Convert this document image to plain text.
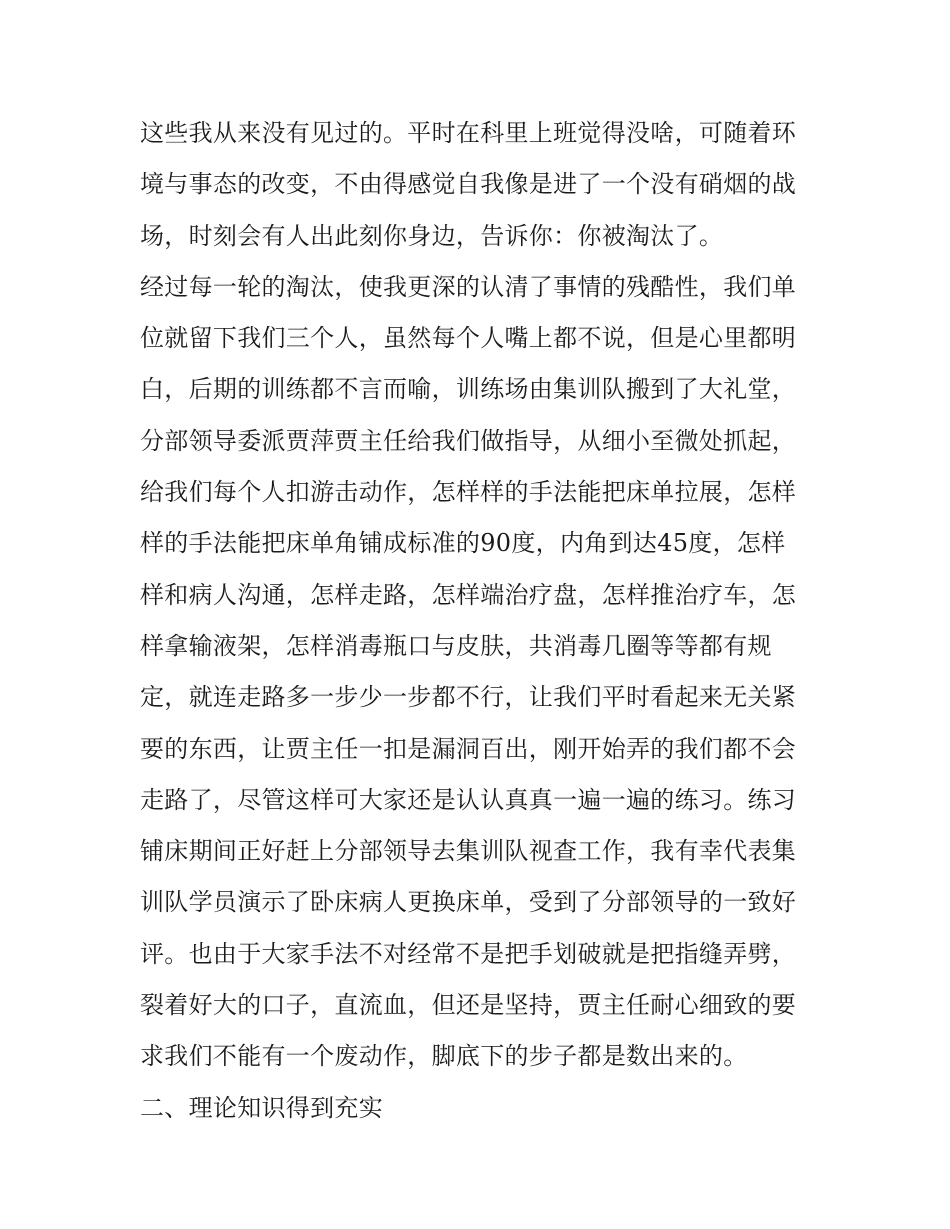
这些我从来没有见过的。平时在科里上班觉得没啥，可随着环
境与事态的改变，不由得感觉自我像是进了一个没有硝烟的战
场，时刻会有人出此刻你身边，告诉你：你被淘汰了。
经过每一轮的淘汰，使我更深的认清了事情的残酷性，我们单
位就留下我们三个人，虽然每个人嘴上都不说，但是心里都明
白，后期的训练都不言而喻，训练场由集训队搬到了大礼堂，
分部领导委派贾萍贾主任给我们做指导，从细小至微处抓起，
给我们每个人扣游击动作，怎样样的手法能把床单拉展，怎样
样的手法能把床单角铺成标准的90度，内角到达45度，怎样
样和病人沟通，怎样走路，怎样端治疗盘，怎样推治疗车，怎
样拿输液架，怎样消毒瓶口与皮肤，共消毒几圈等等都有规
定，就连走路多一步少一步都不行，让我们平时看起来无关紧
要的东西，让贾主任一扣是漏洞百出，刚开始弄的我们都不会
走路了，尽管这样可大家还是认认真真一遍一遍的练习。练习
铺床期间正好赶上分部领导去集训队视查工作，我有幸代表集
训队学员演示了卧床病人更换床单，受到了分部领导的一致好
评。也由于大家手法不对经常不是把手划破就是把指缝弄劈，
裂着好大的口子，直流血，但还是坚持，贾主任耐心细致的要
求我们不能有一个废动作，脚底下的步子都是数出来的。
二、理论知识得到充实
